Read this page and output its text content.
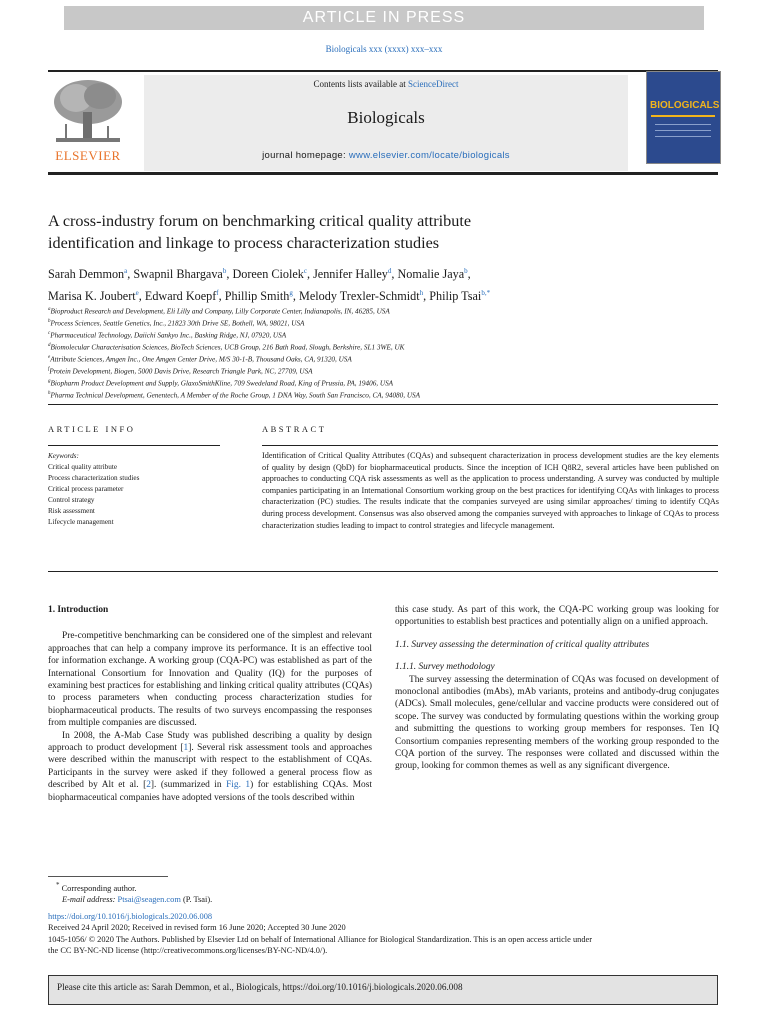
ARTICLE IN PRESS
Biologicals xxx (xxxx) xxx–xxx
ELSEVIER
Contents lists available at ScienceDirect
Biologicals
journal homepage: www.elsevier.com/locate/biologicals
BIOLOGICALS
A cross-industry forum on benchmarking critical quality attribute
identification and linkage to process characterization studies
Sarah Demmon$^a$, Swapnil Bhargava$^b$, Doreen Ciolek$^c$, Jennifer Halley$^d$, Nomalie Jaya$^b$,
Marisa K. Joubert$^e$, Edward Koepf$^f$, Phillip Smith$^g$, Melody Trexler-Schmidt$^h$, Philip Tsai$^{b,*}$
$^a$Bioproduct Research and Development, Eli Lilly and Company, Lilly Corporate Center, Indianapolis, IN, 46285, USA
$^b$Process Sciences, Seattle Genetics, Inc., 21823 30th Drive SE, Bothell, WA, 98021, USA
$^c$Pharmaceutical Technology, Daiichi Sankyo Inc., Basking Ridge, NJ, 07920, USA
$^d$Biomolecular Characterisation Sciences, BioTech Sciences, UCB Group, 216 Bath Road, Slough, Berkshire, SL1 3WE, UK
$^e$Attribute Sciences, Amgen Inc., One Amgen Center Drive, M/S 30-1-B, Thousand Oaks, CA, 91320, USA
$^f$Protein Development, Biogen, 5000 Davis Drive, Research Triangle Park, NC, 27709, USA
$^g$Biopharm Product Development and Supply, GlaxoSmithKline, 709 Swedeland Road, King of Prussia, PA, 19406, USA
$^h$Pharma Technical Development, Genentech, A Member of the Roche Group, 1 DNA Way, South San Francisco, CA, 94080, USA
ARTICLE INFO	ABSTRACT
Keywords:
Critical quality attribute
Process characterization studies
Critical process parameter
Control strategy
Risk assessment
Lifecycle management
Identification of Critical Quality Attributes (CQAs) and subsequent characterization in process development studies are the key elements of quality by design (QbD) for biopharmaceutical products. Since the inception of ICH Q8R2, several articles have been published on approaches to conducting CQA risk assessments as well as the application to process understanding. A survey was conducted by multiple companies participating in an International Consortium working group on the best practices for identifying CQAs with linkages to process characterization (PC) studies. The results indicate that the companies surveyed are using similar approaches/ timing to identify CQAs during process development. Consensus was also observed among the companies surveyed with approaches to linkage of CQAs to process characterization studies leading to impact to control strategies and lifecycle management.
1. Introduction

Pre-competitive benchmarking can be considered one of the simplest and relevant approaches that can help a company improve its performance. It is an effective tool for information exchange. A working group (CQA-PC) was established as part of the International Consortium for Innovation and Quality (IQ) for the purposes of examining best practices for establishing and linking critical quality attributes (CQAs) to process parameters when conducting process characterization studies for biopharmaceutical products. The results of two surveys encompassing the responses from multiple companies are discussed.

In 2008, the A-Mab Case Study was published describing a quality by design approach to product development [1]. Several risk assessment tools and approaches were described within the manuscript with respect to the establishment of CQAs. Participants in the survey were asked if they followed a general process flow as described by Alt et al. [2]. (summarized in Fig. 1) for establishing CQAs. Most biopharmaceutical companies have adopted versions of the tools described within

this case study. As part of this work, the CQA-PC working group was looking for opportunities to establish best practices and potentially align on a unified approach.

1.1. Survey assessing the determination of critical quality attributes
1.1.1. Survey methodology

The survey assessing the determination of CQAs was focused on development of monoclonal antibodies (mAbs), mAb variants, proteins and antibody-drug conjugates (ADCs). Small molecules, gene/cellular and vaccine products were considered out of scope. The survey was conducted by formulating questions within the working group and submitting the questions to working group members for responses. Ten IQ Consortium companies representing members of the working group responded to the CQA portion of the survey. The responses were collated and discussed within the group, looking for common themes as well as any significant divergence.

* Corresponding author.
E-mail address: Ptsai@seagen.com (P. Tsai).
https://doi.org/10.1016/j.biologicals.2020.06.008
Received 24 April 2020; Received in revised form 16 June 2020; Accepted 30 June 2020
1045-1056/ © 2020 The Authors. Published by Elsevier Ltd on behalf of International Alliance for Biological Standardization. This is an open access article under
the CC BY-NC-ND license (http://creativecommons.org/licenses/BY-NC-ND/4.0/).
Please cite this article as: Sarah Demmon, et al., Biologicals, https://doi.org/10.1016/j.biologicals.2020.06.008
